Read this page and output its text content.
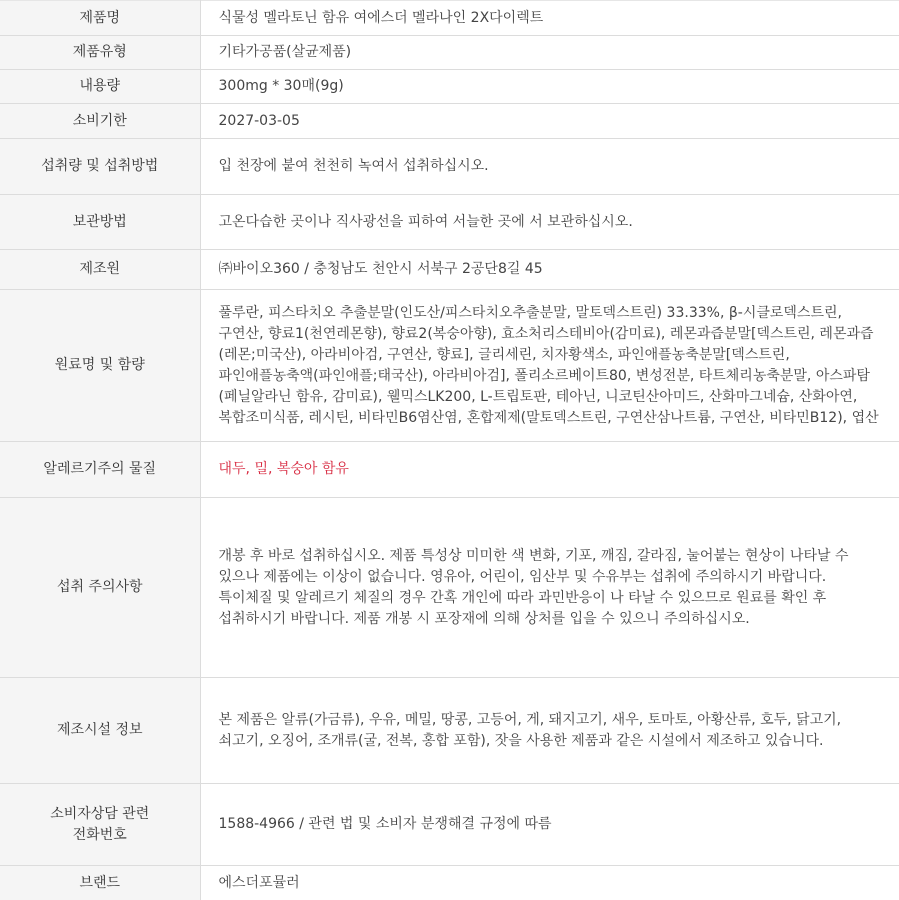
제품명	식물성 멜라토닌 함유 여에스더 멜라나인 2X다이렉트

제품유형	기타가공품(살균제품)

내용량	300mg * 30매(9g)

소비기한	2027-03-05

섭취량 및 섭취방법	입 천장에 붙여 천천히 녹여서 섭취하십시오.

보관방법	고온다습한 곳이나 직사광선을 피하여 서늘한 곳에 서 보관하십시오.

제조원	㈜바이오360 / 충청남도 천안시 서북구 2공단8길 45

원료명 및 함량	풀루란, 피스타치오 추출분말(인도산/피스타치오추출분말, 말토덱스트린) 33.33%, β-시클로덱스트린, 구연산, 향료1(천연레몬향), 향료2(복숭아향), 효소처리스테비아(감미료), 레몬과즙분말[덱스트린, 레몬과즙(레몬;미국산), 아라비아검, 구연산, 향료], 글리세린, 치자황색소, 파인애플농축분말[덱스트린, 파인애플농축액(파인애플;태국산), 아라비아검], 폴리소르베이트80, 변성전분, 타트체리농축분말, 아스파탐(페닐알라닌 함유, 감미료), 웰믹스LK200, L-트립토판, 테아닌, 니코틴산아미드, 산화마그네슘, 산화아연, 복합조미식품, 레시틴, 비타민B6염산염, 혼합제제(말토덱스트린, 구연산삼나트륨, 구연산, 비타민B12), 엽산

알레르기주의 물질	대두, 밀, 복숭아 함유

섭취 주의사항	개봉 후 바로 섭취하십시오. 제품 특성상 미미한 색 변화, 기포, 깨짐, 갈라짐, 눌어붙는 현상이 나타날 수 있으나 제품에는 이상이 없습니다. 영유아, 어린이, 임산부 및 수유부는 섭취에 주의하시기 바랍니다. 특이체질 및 알레르기 체질의 경우 간혹 개인에 따라 과민반응이 나 타날 수 있으므로 원료를 확인 후 섭취하시기 바랍니다. 제품 개봉 시 포장재에 의해 상처를 입을 수 있으니 주의하십시오.

제조시설 정보	본 제품은 알류(가금류), 우유, 메밀, 땅콩, 고등어, 게, 돼지고기, 새우, 토마토, 아황산류, 호두, 닭고기, 쇠고기, 오징어, 조개류(굴, 전복, 홍합 포함), 잣을 사용한 제품과 같은 시설에서 제조하고 있습니다.

소비자상담 관련
전화번호	1588-4966 / 관련 법 및 소비자 분쟁해결 규정에 따름

브랜드	에스더포뮬러
